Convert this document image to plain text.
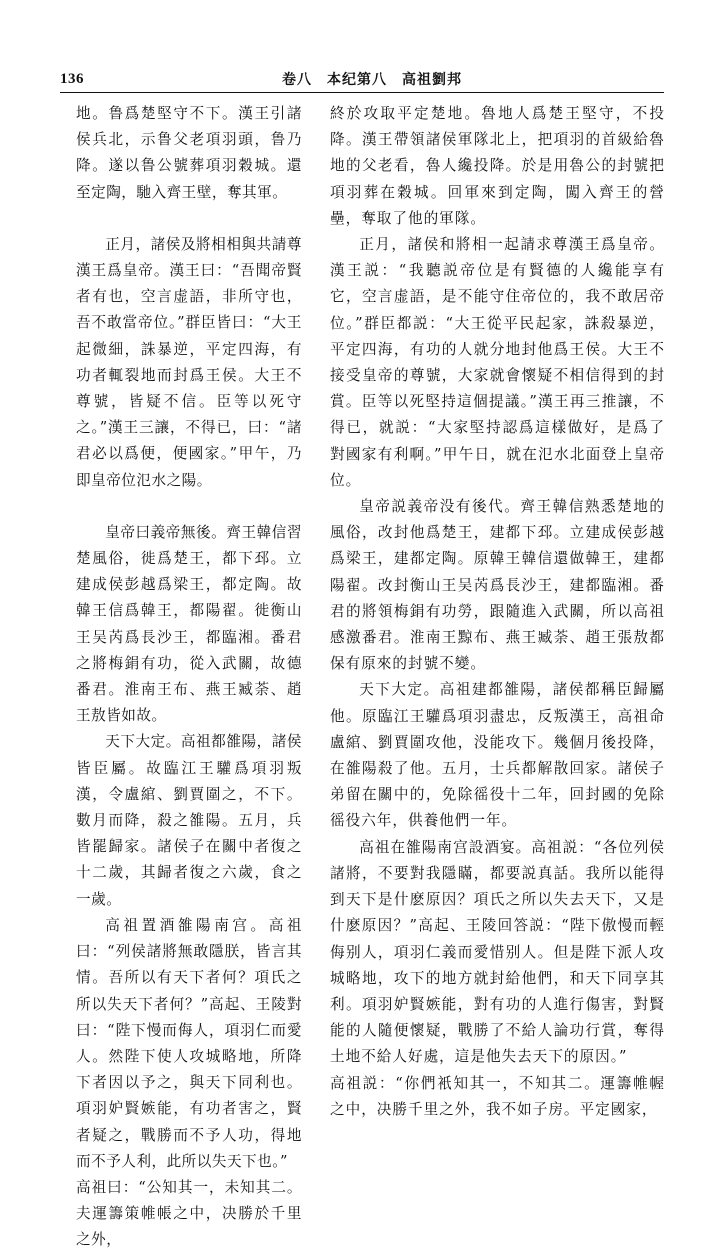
136	卷八　本纪第八　高祖劉邦

地。鲁爲楚堅守不下。漢王引諸侯兵北，示鲁父老項羽頭，鲁乃降。遂以鲁公號葬項羽穀城。還至定陶，馳入齊王壁，奪其軍。

正月，諸侯及將相相與共請尊漢王爲皇帝。漢王曰：“吾聞帝賢者有也，空言虚語，非所守也，吾不敢當帝位。”群臣皆曰：“大王起微細，誅暴逆，平定四海，有功者輒裂地而封爲王侯。大王不尊號，皆疑不信。臣等以死守之。”漢王三讓，不得已，曰：“諸君必以爲便，便國家。”甲午，乃即皇帝位氾水之陽。

皇帝曰義帝無後。齊王韓信習楚風俗，徙爲楚王，都下邳。立建成侯彭越爲梁王，都定陶。故韓王信爲韓王，都陽翟。徙衡山王吴芮爲長沙王，都臨湘。番君之將梅鋗有功，從入武關，故德番君。淮南王布、燕王臧荼、趙王敖皆如故。

天下大定。高祖都雒陽，諸侯皆臣屬。故臨江王驩爲項羽叛漢，令盧綰、劉賈圍之，不下。數月而降，殺之雒陽。五月，兵皆罷歸家。諸侯子在關中者復之十二歲，其歸者復之六歲，食之一歲。

高祖置酒雒陽南宫。高祖曰：“列侯諸將無敢隱朕，皆言其情。吾所以有天下者何？項氏之所以失天下者何？”高起、王陵對曰：“陛下慢而侮人，項羽仁而愛人。然陛下使人攻城略地，所降下者因以予之，與天下同利也。項羽妒賢嫉能，有功者害之，賢者疑之，戰勝而不予人功，得地而不予人利，此所以失天下也。”

高祖曰：“公知其一，未知其二。夫運籌策帷帳之中，决勝於千里之外，

終於攻取平定楚地。魯地人爲楚王堅守，不投降。漢王帶領諸侯軍隊北上，把項羽的首級給魯地的父老看，魯人纔投降。於是用魯公的封號把項羽葬在穀城。回軍來到定陶，闖入齊王的營壘，奪取了他的軍隊。

正月，諸侯和將相一起請求尊漢王爲皇帝。漢王説：“我聽説帝位是有賢德的人纔能享有它，空言虚語，是不能守住帝位的，我不敢居帝位。”群臣都説：“大王從平民起家，誅殺暴逆，平定四海，有功的人就分地封他爲王侯。大王不接受皇帝的尊號，大家就會懷疑不相信得到的封賞。臣等以死堅持這個提議。”漢王再三推讓，不得已，就説：“大家堅持認爲這樣做好，是爲了對國家有利啊。”甲午日，就在氾水北面登上皇帝位。

皇帝説義帝没有後代。齊王韓信熟悉楚地的風俗，改封他爲楚王，建都下邳。立建成侯彭越爲梁王，建都定陶。原韓王韓信還做韓王，建都陽翟。改封衡山王吴芮爲長沙王，建都臨湘。番君的將領梅鋗有功勞，跟隨進入武關，所以高祖感激番君。淮南王黥布、燕王臧荼、趙王張敖都保有原來的封號不變。

天下大定。高祖建都雒陽，諸侯都稱臣歸屬他。原臨江王驩爲項羽盡忠，反叛漢王，高祖命盧綰、劉賈圍攻他，没能攻下。幾個月後投降，在雒陽殺了他。五月，士兵都解散回家。諸侯子弟留在關中的，免除徭役十二年，回封國的免除徭役六年，供養他們一年。

高祖在雒陽南宫設酒宴。高祖説：“各位列侯諸將，不要對我隱瞞，都要説真話。我所以能得到天下是什麽原因？項氏之所以失去天下，又是什麽原因？”高起、王陵回答説：“陛下傲慢而輕侮别人，項羽仁義而愛惜别人。但是陛下派人攻城略地，攻下的地方就封給他們，和天下同享其利。項羽妒賢嫉能，對有功的人進行傷害，對賢能的人隨便懷疑，戰勝了不給人論功行賞，奪得土地不給人好處，這是他失去天下的原因。”

高祖説：“你們衹知其一，不知其二。運籌帷幄之中，决勝千里之外，我不如子房。平定國家，
